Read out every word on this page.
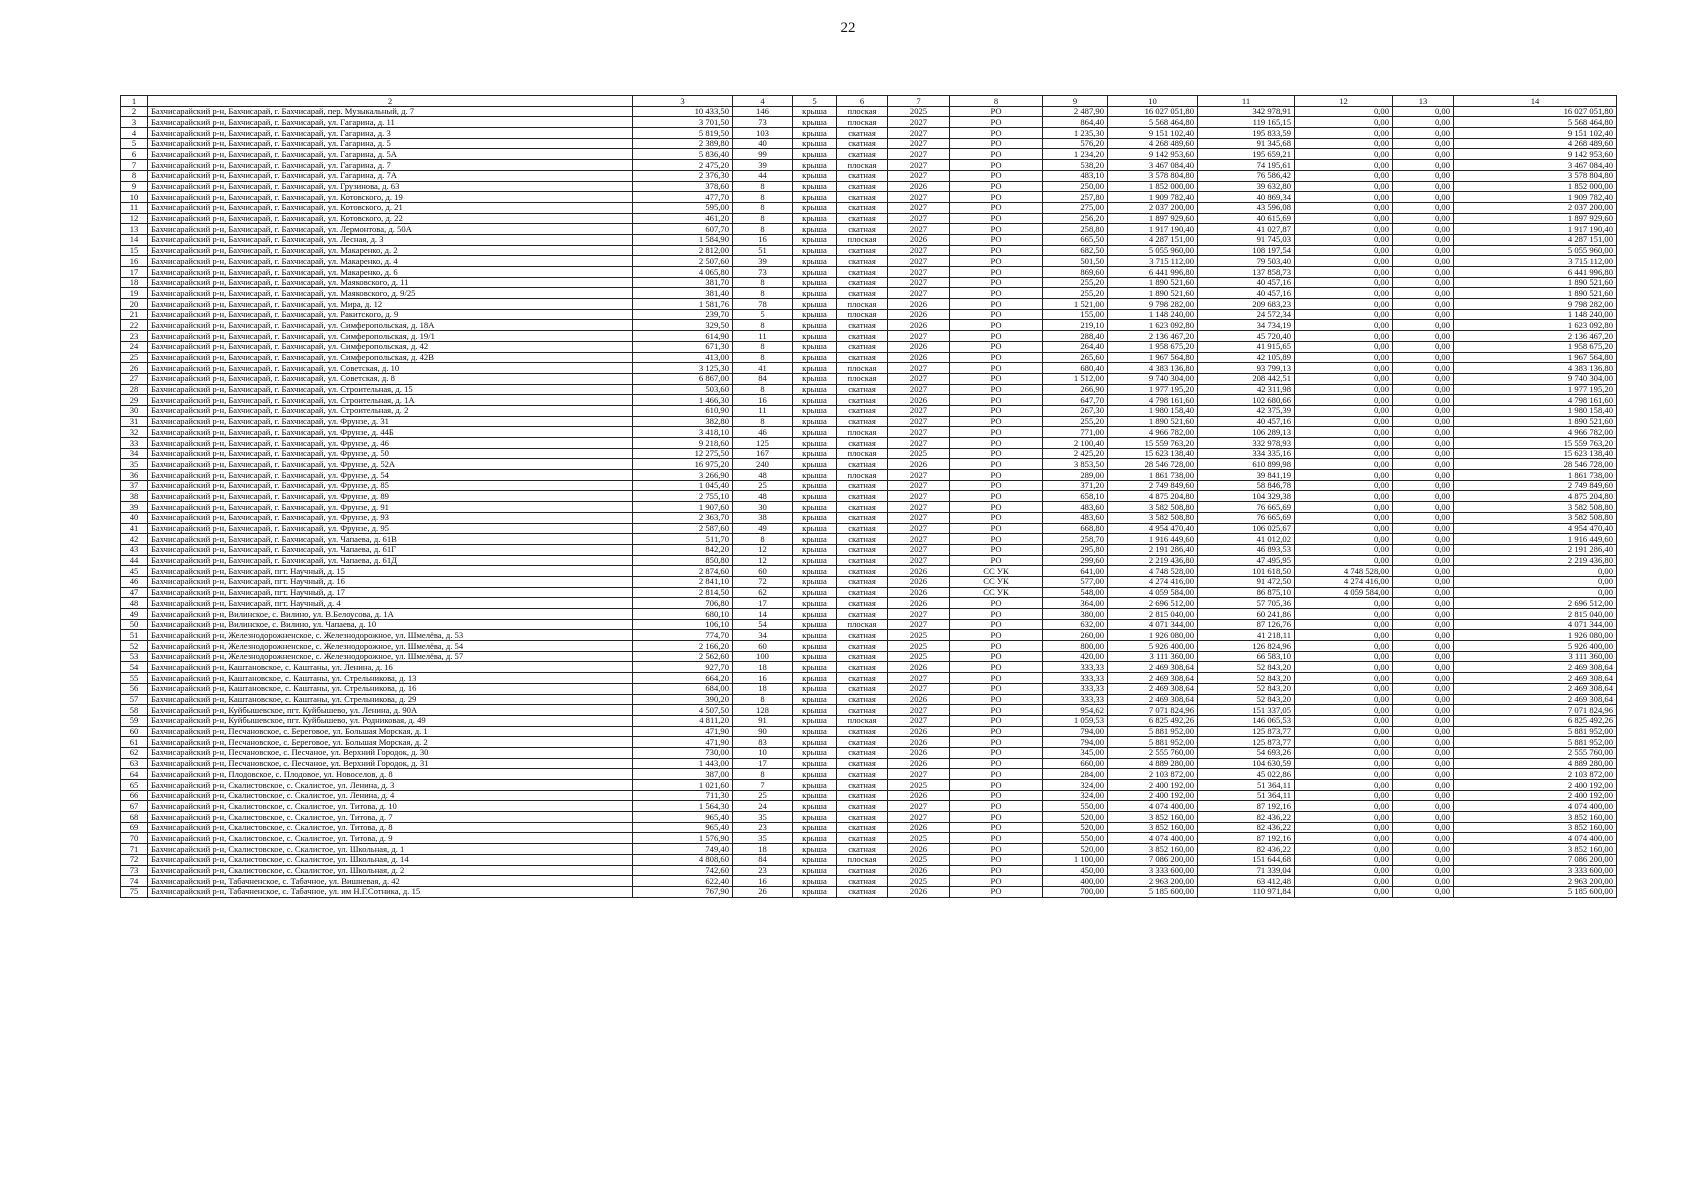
22
1	2	3	4	5	6	7	8	9	10	11	12	13	14
2	Бахчисарайский р-н, Бахчисарай, г. Бахчисарай, пер. Музыкальный, д. 7	10 433,50	146	крыша	плоская	2025	РО	2 487,90	16 027 051,80	342 978,91	0,00	0,00	16 027 051,80
3	Бахчисарайский р-н, Бахчисарай, г. Бахчисарай, ул. Гагарина, д. 11	3 701,50	73	крыша	плоская	2027	РО	864,40	5 568 464,80	119 165,15	0,00	0,00	5 568 464,80
4	Бахчисарайский р-н, Бахчисарай, г. Бахчисарай, ул. Гагарина, д. 3	5 819,50	103	крыша	скатная	2027	РО	1 235,30	9 151 102,40	195 833,59	0,00	0,00	9 151 102,40
5	Бахчисарайский р-н, Бахчисарай, г. Бахчисарай, ул. Гагарина, д. 5	2 389,80	40	крыша	скатная	2027	РО	576,20	4 268 489,60	91 345,68	0,00	0,00	4 268 489,60
6	Бахчисарайский р-н, Бахчисарай, г. Бахчисарай, ул. Гагарина, д. 5А	5 836,40	99	крыша	скатная	2027	РО	1 234,20	9 142 953,60	195 659,21	0,00	0,00	9 142 953,60
7	Бахчисарайский р-н, Бахчисарай, г. Бахчисарай, ул. Гагарина, д. 7	2 475,20	39	крыша	плоская	2027	РО	538,20	3 467 084,40	74 195,61	0,00	0,00	3 467 084,40
8	Бахчисарайский р-н, Бахчисарай, г. Бахчисарай, ул. Гагарина, д. 7А	2 376,30	44	крыша	скатная	2027	РО	483,10	3 578 804,80	76 586,42	0,00	0,00	3 578 804,80
9	Бахчисарайский р-н, Бахчисарай, г. Бахчисарай, ул. Грузинова, д. 63	378,60	8	крыша	скатная	2026	РО	250,00	1 852 000,00	39 632,80	0,00	0,00	1 852 000,00
10	Бахчисарайский р-н, Бахчисарай, г. Бахчисарай, ул. Котовского, д. 19	477,70	8	крыша	скатная	2027	РО	257,80	1 909 782,40	40 869,34	0,00	0,00	1 909 782,40
11	Бахчисарайский р-н, Бахчисарай, г. Бахчисарай, ул. Котовского, д. 21	595,00	8	крыша	скатная	2027	РО	275,00	2 037 200,00	43 596,08	0,00	0,00	2 037 200,00
12	Бахчисарайский р-н, Бахчисарай, г. Бахчисарай, ул. Котовского, д. 22	461,20	8	крыша	скатная	2027	РО	256,20	1 897 929,60	40 615,69	0,00	0,00	1 897 929,60
13	Бахчисарайский р-н, Бахчисарай, г. Бахчисарай, ул. Лермонтова, д. 50А	607,70	8	крыша	скатная	2027	РО	258,80	1 917 190,40	41 027,87	0,00	0,00	1 917 190,40
14	Бахчисарайский р-н, Бахчисарай, г. Бахчисарай, ул. Лесная, д. 3	1 584,90	16	крыша	плоская	2026	РО	665,50	4 287 151,00	91 745,03	0,00	0,00	4 287 151,00
15	Бахчисарайский р-н, Бахчисарай, г. Бахчисарай, ул. Макаренко, д. 2	2 812,00	51	крыша	скатная	2027	РО	682,50	5 055 960,00	108 197,54	0,00	0,00	5 055 960,00
16	Бахчисарайский р-н, Бахчисарай, г. Бахчисарай, ул. Макаренко, д. 4	2 507,60	39	крыша	скатная	2027	РО	501,50	3 715 112,00	79 503,40	0,00	0,00	3 715 112,00
17	Бахчисарайский р-н, Бахчисарай, г. Бахчисарай, ул. Макаренко, д. 6	4 065,80	73	крыша	скатная	2027	РО	869,60	6 441 996,80	137 858,73	0,00	0,00	6 441 996,80
18	Бахчисарайский р-н, Бахчисарай, г. Бахчисарай, ул. Маяковского, д. 11	381,70	8	крыша	скатная	2027	РО	255,20	1 890 521,60	40 457,16	0,00	0,00	1 890 521,60
19	Бахчисарайский р-н, Бахчисарай, г. Бахчисарай, ул. Маяковского, д. 9/25	381,40	8	крыша	скатная	2027	РО	255,20	1 890 521,60	40 457,16	0,00	0,00	1 890 521,60
20	Бахчисарайский р-н, Бахчисарай, г. Бахчисарай, ул. Мира, д. 12	1 581,76	78	крыша	плоская	2026	РО	1 521,00	9 798 282,00	209 683,23	0,00	0,00	9 798 282,00
21	Бахчисарайский р-н, Бахчисарай, г. Бахчисарай, ул. Ракитского, д. 9	239,70	5	крыша	плоская	2026	РО	155,00	1 148 240,00	24 572,34	0,00	0,00	1 148 240,00
22	Бахчисарайский р-н, Бахчисарай, г. Бахчисарай, ул. Симферопольская, д. 18А	329,50	8	крыша	скатная	2026	РО	219,10	1 623 092,80	34 734,19	0,00	0,00	1 623 092,80
23	Бахчисарайский р-н, Бахчисарай, г. Бахчисарай, ул. Симферопольская, д. 19/1	614,90	11	крыша	скатная	2027	РО	288,40	2 136 467,20	45 720,40	0,00	0,00	2 136 467,20
24	Бахчисарайский р-н, Бахчисарай, г. Бахчисарай, ул. Симферопольская, д. 42	671,30	8	крыша	скатная	2026	РО	264,40	1 958 675,20	41 915,65	0,00	0,00	1 958 675,20
25	Бахчисарайский р-н, Бахчисарай, г. Бахчисарай, ул. Симферопольская, д. 42В	413,00	8	крыша	скатная	2026	РО	265,60	1 967 564,80	42 105,89	0,00	0,00	1 967 564,80
26	Бахчисарайский р-н, Бахчисарай, г. Бахчисарай, ул. Советская, д. 10	3 125,30	41	крыша	плоская	2027	РО	680,40	4 383 136,80	93 799,13	0,00	0,00	4 383 136,80
27	Бахчисарайский р-н, Бахчисарай, г. Бахчисарай, ул. Советская, д. 8	6 867,00	84	крыша	плоская	2027	РО	1 512,00	9 740 304,00	208 442,51	0,00	0,00	9 740 304,00
28	Бахчисарайский р-н, Бахчисарай, г. Бахчисарай, ул. Строительная, д. 15	503,60	8	крыша	скатная	2027	РО	266,90	1 977 195,20	42 311,98	0,00	0,00	1 977 195,20
29	Бахчисарайский р-н, Бахчисарай, г. Бахчисарай, ул. Строительная, д. 1А	1 466,30	16	крыша	скатная	2026	РО	647,70	4 798 161,60	102 680,66	0,00	0,00	4 798 161,60
30	Бахчисарайский р-н, Бахчисарай, г. Бахчисарай, ул. Строительная, д. 2	610,90	11	крыша	скатная	2027	РО	267,30	1 980 158,40	42 375,39	0,00	0,00	1 980 158,40
31	Бахчисарайский р-н, Бахчисарай, г. Бахчисарай, ул. Фрунзе, д. 31	382,80	8	крыша	скатная	2027	РО	255,20	1 890 521,60	40 457,16	0,00	0,00	1 890 521,60
32	Бахчисарайский р-н, Бахчисарай, г. Бахчисарай, ул. Фрунзе, д. 44Б	3 418,10	46	крыша	плоская	2027	РО	771,00	4 966 782,00	106 289,13	0,00	0,00	4 966 782,00
33	Бахчисарайский р-н, Бахчисарай, г. Бахчисарай, ул. Фрунзе, д. 46	9 218,60	125	крыша	скатная	2027	РО	2 100,40	15 559 763,20	332 978,93	0,00	0,00	15 559 763,20
34	Бахчисарайский р-н, Бахчисарай, г. Бахчисарай, ул. Фрунзе, д. 50	12 275,50	167	крыша	плоская	2025	РО	2 425,20	15 623 138,40	334 335,16	0,00	0,00	15 623 138,40
35	Бахчисарайский р-н, Бахчисарай, г. Бахчисарай, ул. Фрунзе, д. 52А	16 975,20	240	крыша	скатная	2026	РО	3 853,50	28 546 728,00	610 899,98	0,00	0,00	28 546 728,00
36	Бахчисарайский р-н, Бахчисарай, г. Бахчисарай, ул. Фрунзе, д. 54	3 266,90	48	крыша	плоская	2027	РО	289,00	1 861 738,00	39 841,19	0,00	0,00	1 861 738,00
37	Бахчисарайский р-н, Бахчисарай, г. Бахчисарай, ул. Фрунзе, д. 85	1 045,40	25	крыша	скатная	2027	РО	371,20	2 749 849,60	58 846,78	0,00	0,00	2 749 849,60
38	Бахчисарайский р-н, Бахчисарай, г. Бахчисарай, ул. Фрунзе, д. 89	2 755,10	48	крыша	скатная	2027	РО	658,10	4 875 204,80	104 329,38	0,00	0,00	4 875 204,80
39	Бахчисарайский р-н, Бахчисарай, г. Бахчисарай, ул. Фрунзе, д. 91	1 907,60	30	крыша	скатная	2027	РО	483,60	3 582 508,80	76 665,69	0,00	0,00	3 582 508,80
40	Бахчисарайский р-н, Бахчисарай, г. Бахчисарай, ул. Фрунзе, д. 93	2 363,70	38	крыша	скатная	2027	РО	483,60	3 582 508,80	76 665,69	0,00	0,00	3 582 508,80
41	Бахчисарайский р-н, Бахчисарай, г. Бахчисарай, ул. Фрунзе, д. 95	2 587,60	49	крыша	скатная	2027	РО	668,80	4 954 470,40	106 025,67	0,00	0,00	4 954 470,40
42	Бахчисарайский р-н, Бахчисарай, г. Бахчисарай, ул. Чапаева, д. 61В	511,70	8	крыша	скатная	2027	РО	258,70	1 916 449,60	41 012,02	0,00	0,00	1 916 449,60
43	Бахчисарайский р-н, Бахчисарай, г. Бахчисарай, ул. Чапаева, д. 61Г	842,20	12	крыша	скатная	2027	РО	295,80	2 191 286,40	46 893,53	0,00	0,00	2 191 286,40
44	Бахчисарайский р-н, Бахчисарай, г. Бахчисарай, ул. Чапаева, д. 61Д	850,80	12	крыша	скатная	2027	РО	299,60	2 219 436,80	47 495,95	0,00	0,00	2 219 436,80
45	Бахчисарайский р-н, Бахчисарай, пгт. Научный, д. 15	2 874,60	60	крыша	скатная	2026	СС УК	641,00	4 748 528,00	101 618,50	4 748 528,00	0,00	0,00
46	Бахчисарайский р-н, Бахчисарай, пгт. Научный, д. 16	2 841,10	72	крыша	скатная	2026	СС УК	577,00	4 274 416,00	91 472,50	4 274 416,00	0,00	0,00
47	Бахчисарайский р-н, Бахчисарай, пгт. Научный, д. 17	2 814,50	62	крыша	скатная	2026	СС УК	548,00	4 059 584,00	86 875,10	4 059 584,00	0,00	0,00
48	Бахчисарайский р-н, Бахчисарай, пгт. Научный, д. 4	706,80	17	крыша	скатная	2026	РО	364,00	2 696 512,00	57 705,36	0,00	0,00	2 696 512,00
49	Бахчисарайский р-н, Вилинское, с. Вилино, ул. В.Белоусова, д. 1А	680,10	14	крыша	скатная	2027	РО	380,00	2 815 040,00	60 241,86	0,00	0,00	2 815 040,00
50	Бахчисарайский р-н, Вилинское, с. Вилино, ул. Чапаева, д. 10	106,10	54	крыша	плоская	2027	РО	632,00	4 071 344,00	87 126,76	0,00	0,00	4 071 344,00
51	Бахчисарайский р-н, Железнодорожненское, с. Железнодорожное, ул. Шмелёва, д. 53	774,70	34	крыша	скатная	2025	РО	260,00	1 926 080,00	41 218,11	0,00	0,00	1 926 080,00
52	Бахчисарайский р-н, Железнодорожненское, с. Железнодорожное, ул. Шмелёва, д. 54	2 166,20	60	крыша	скатная	2025	РО	800,00	5 926 400,00	126 824,96	0,00	0,00	5 926 400,00
53	Бахчисарайский р-н, Железнодорожненское, с. Железнодорожное, ул. Шмелёва, д. 57	2 562,60	100	крыша	скатная	2025	РО	420,00	3 111 360,00	66 583,10	0,00	0,00	3 111 360,00
54	Бахчисарайский р-н, Каштановское, с. Каштаны, ул. Ленина, д. 16	927,70	18	крыша	скатная	2026	РО	333,33	2 469 308,64	52 843,20	0,00	0,00	2 469 308,64
55	Бахчисарайский р-н, Каштановское, с. Каштаны, ул. Стрельникова, д. 13	664,20	16	крыша	скатная	2027	РО	333,33	2 469 308,64	52 843,20	0,00	0,00	2 469 308,64
56	Бахчисарайский р-н, Каштановское, с. Каштаны, ул. Стрельникова, д. 16	684,00	18	крыша	скатная	2027	РО	333,33	2 469 308,64	52 843,20	0,00	0,00	2 469 308,64
57	Бахчисарайский р-н, Каштановское, с. Каштаны, ул. Стрельникова, д. 29	390,20	8	крыша	скатная	2026	РО	333,33	2 469 308,64	52 843,20	0,00	0,00	2 469 308,64
58	Бахчисарайский р-н, Куйбышевское, пгт. Куйбышево, ул. Ленина, д. 90А	4 507,50	128	крыша	скатная	2027	РО	954,62	7 071 824,96	151 337,05	0,00	0,00	7 071 824,96
59	Бахчисарайский р-н, Куйбышевское, пгт. Куйбышево, ул. Родниковая, д. 49	4 811,20	91	крыша	плоская	2027	РО	1 059,53	6 825 492,26	146 065,53	0,00	0,00	6 825 492,26
60	Бахчисарайский р-н, Песчановское, с. Береговое, ул. Большая Морская, д. 1	471,90	90	крыша	скатная	2026	РО	794,00	5 881 952,00	125 873,77	0,00	0,00	5 881 952,00
61	Бахчисарайский р-н, Песчановское, с. Береговое, ул. Большая Морская, д. 2	471,90	83	крыша	скатная	2026	РО	794,00	5 881 952,00	125 873,77	0,00	0,00	5 881 952,00
62	Бахчисарайский р-н, Песчановское, с. Песчаное, ул. Верхний Городок, д. 30	730,00	10	крыша	скатная	2026	РО	345,00	2 555 760,00	54 693,26	0,00	0,00	2 555 760,00
63	Бахчисарайский р-н, Песчановское, с. Песчаное, ул. Верхний Городок, д. 31	1 443,00	17	крыша	скатная	2026	РО	660,00	4 889 280,00	104 630,59	0,00	0,00	4 889 280,00
64	Бахчисарайский р-н, Плодовское, с. Плодовое, ул. Новоселов, д. 8	387,00	8	крыша	скатная	2027	РО	284,00	2 103 872,00	45 022,86	0,00	0,00	2 103 872,00
65	Бахчисарайский р-н, Скалистовское, с. Скалистое, ул. Ленина, д. 3	1 021,60	7	крыша	скатная	2025	РО	324,00	2 400 192,00	51 364,11	0,00	0,00	2 400 192,00
66	Бахчисарайский р-н, Скалистовское, с. Скалистое, ул. Ленина, д. 4	711,30	25	крыша	скатная	2026	РО	324,00	2 400 192,00	51 364,11	0,00	0,00	2 400 192,00
67	Бахчисарайский р-н, Скалистовское, с. Скалистое, ул. Титова, д. 10	1 564,30	24	крыша	скатная	2027	РО	550,00	4 074 400,00	87 192,16	0,00	0,00	4 074 400,00
68	Бахчисарайский р-н, Скалистовское, с. Скалистое, ул. Титова, д. 7	965,40	35	крыша	скатная	2027	РО	520,00	3 852 160,00	82 436,22	0,00	0,00	3 852 160,00
69	Бахчисарайский р-н, Скалистовское, с. Скалистое, ул. Титова, д. 8	965,40	23	крыша	скатная	2026	РО	520,00	3 852 160,00	82 436,22	0,00	0,00	3 852 160,00
70	Бахчисарайский р-н, Скалистовское, с. Скалистое, ул. Титова, д. 9	1 576,90	35	крыша	скатная	2025	РО	550,00	4 074 400,00	87 192,16	0,00	0,00	4 074 400,00
71	Бахчисарайский р-н, Скалистовское, с. Скалистое, ул. Школьная, д. 1	749,40	18	крыша	скатная	2026	РО	520,00	3 852 160,00	82 436,22	0,00	0,00	3 852 160,00
72	Бахчисарайский р-н, Скалистовское, с. Скалистое, ул. Школьная, д. 14	4 808,60	84	крыша	плоская	2025	РО	1 100,00	7 086 200,00	151 644,68	0,00	0,00	7 086 200,00
73	Бахчисарайский р-н, Скалистовское, с. Скалистое, ул. Школьная, д. 2	742,60	23	крыша	скатная	2026	РО	450,00	3 333 600,00	71 339,04	0,00	0,00	3 333 600,00
74	Бахчисарайский р-н, Табачненское, с. Табачное, ул. Вишневая, д. 42	622,40	16	крыша	скатная	2025	РО	400,00	2 963 200,00	63 412,48	0,00	0,00	2 963 200,00
75	Бахчисарайский р-н, Табачненское, с. Табачное, ул. им Н.Г.Сотника, д. 15	767,90	26	крыша	скатная	2026	РО	700,00	5 185 600,00	110 971,84	0,00	0,00	5 185 600,00
